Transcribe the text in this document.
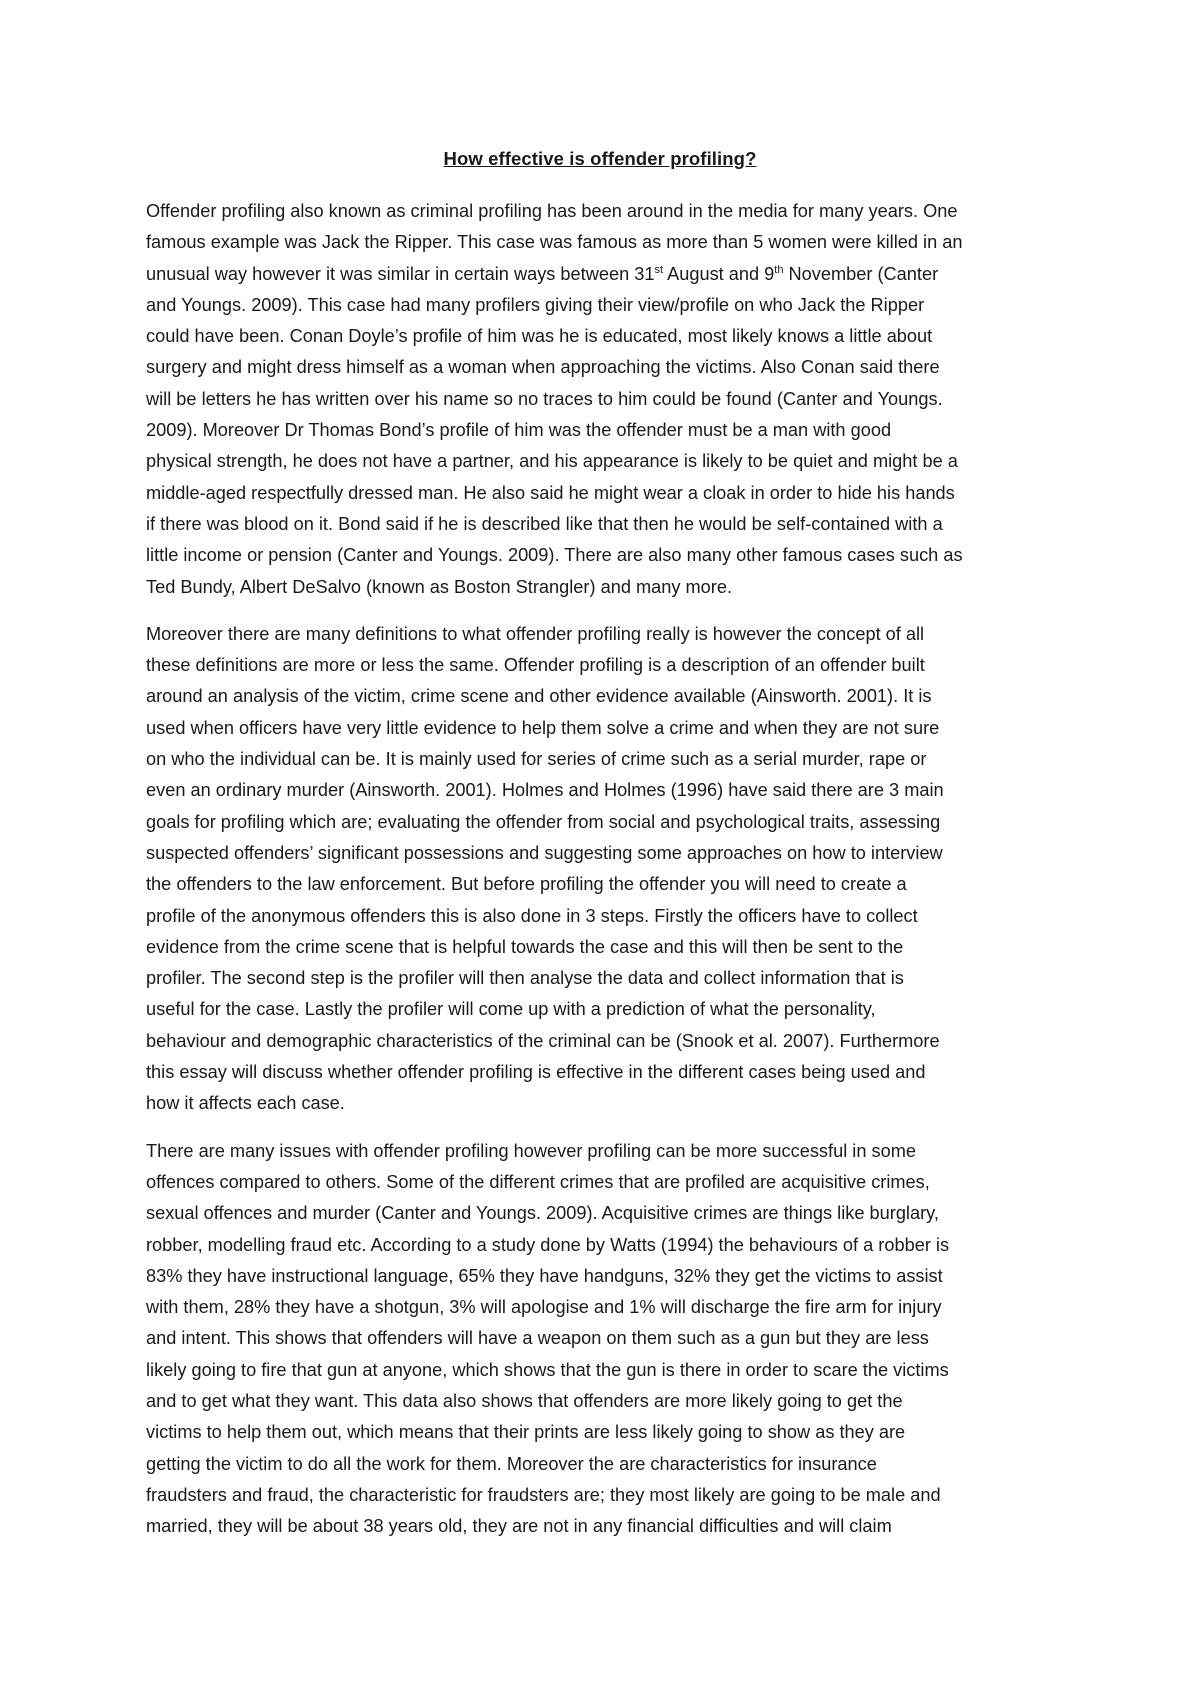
How effective is offender profiling?
Offender profiling also known as criminal profiling has been around in the media for many years. One
famous example was Jack the Ripper. This case was famous as more than 5 women were killed in an
unusual way however it was similar in certain ways between 31st August and 9th November (Canter
and Youngs. 2009). This case had many profilers giving their view/profile on who Jack the Ripper
could have been. Conan Doyle’s profile of him was he is educated, most likely knows a little about
surgery and might dress himself as a woman when approaching the victims. Also Conan said there
will be letters he has written over his name so no traces to him could be found (Canter and Youngs.
2009). Moreover Dr Thomas Bond’s profile of him was the offender must be a man with good
physical strength, he does not have a partner, and his appearance is likely to be quiet and might be a
middle-aged respectfully dressed man. He also said he might wear a cloak in order to hide his hands
if there was blood on it. Bond said if he is described like that then he would be self-contained with a
little income or pension (Canter and Youngs. 2009). There are also many other famous cases such as
Ted Bundy, Albert DeSalvo (known as Boston Strangler) and many more.
Moreover there are many definitions to what offender profiling really is however the concept of all
these definitions are more or less the same. Offender profiling is a description of an offender built
around an analysis of the victim, crime scene and other evidence available (Ainsworth. 2001). It is
used when officers have very little evidence to help them solve a crime and when they are not sure
on who the individual can be. It is mainly used for series of crime such as a serial murder, rape or
even an ordinary murder (Ainsworth. 2001). Holmes and Holmes (1996) have said there are 3 main
goals for profiling which are; evaluating the offender from social and psychological traits, assessing
suspected offenders’ significant possessions and suggesting some approaches on how to interview
the offenders to the law enforcement. But before profiling the offender you will need to create a
profile of the anonymous offenders this is also done in 3 steps. Firstly the officers have to collect
evidence from the crime scene that is helpful towards the case and this will then be sent to the
profiler. The second step is the profiler will then analyse the data and collect information that is
useful for the case. Lastly the profiler will come up with a prediction of what the personality,
behaviour and demographic characteristics of the criminal can be (Snook et al. 2007). Furthermore
this essay will discuss whether offender profiling is effective in the different cases being used and
how it affects each case.
There are many issues with offender profiling however profiling can be more successful in some
offences compared to others. Some of the different crimes that are profiled are acquisitive crimes,
sexual offences and murder (Canter and Youngs. 2009). Acquisitive crimes are things like burglary,
robber, modelling fraud etc. According to a study done by Watts (1994) the behaviours of a robber is
83% they have instructional language, 65% they have handguns, 32% they get the victims to assist
with them, 28% they have a shotgun, 3% will apologise and 1% will discharge the fire arm for injury
and intent. This shows that offenders will have a weapon on them such as a gun but they are less
likely going to fire that gun at anyone, which shows that the gun is there in order to scare the victims
and to get what they want. This data also shows that offenders are more likely going to get the
victims to help them out, which means that their prints are less likely going to show as they are
getting the victim to do all the work for them. Moreover the are characteristics for insurance
fraudsters and fraud, the characteristic for fraudsters are; they most likely are going to be male and
married, they will be about 38 years old, they are not in any financial difficulties and will claim
